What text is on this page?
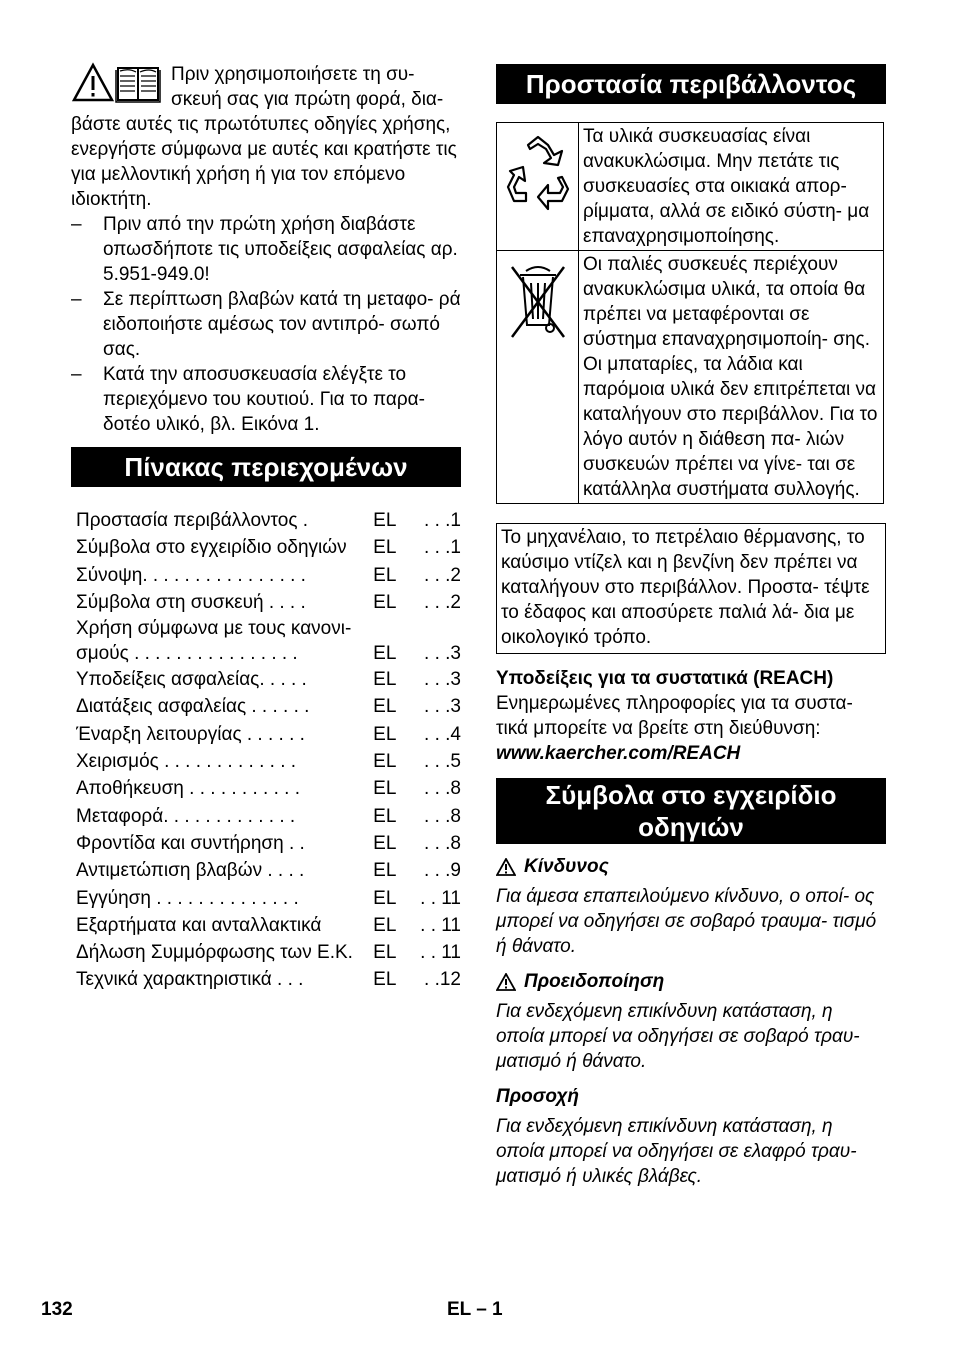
Πριν χρησιμοποιήσετε τη συ-

σκευή σας για πρώτη φορά, δια-

βάστε αυτές τις πρωτότυπες οδηγίες χρήσης, ενεργήστε σύμφωνα με αυτές και κρατήστε τις για μελλοντική χρήση ή για τον επόμενο ιδιοκτήτη.

– Πριν από την πρώτη χρήση διαβάστε οπωσδήποτε τις υποδείξεις ασφαλείας αρ. 5.951-949.0!
– Σε περίπτωση βλαβών κατά τη μεταφο- ρά ειδοποιήστε αμέσως τον αντιπρό- σωπό σας.
– Κατά την αποσυσκευασία ελέγξτε το περιεχόμενο του κουτιού. Για το παρα- δοτέο υλικό, βλ. Εικόνα 1.
Πίνακας περιεχομένων
Προστασία περιβάλλοντος .	EL	. . .1
Σύμβολα στο εγχειρίδιο οδηγιών	EL	. . .1
Σύνοψη. . . . . . . . . . . . . . . .	EL	. . .2
Σύμβολα στη συσκευή . . . .	EL	. . .2
Χρήση σύμφωνα με τους κανονι- σμούς . . . . . . . . . . . . . . . .	EL	. . .3
Υποδείξεις ασφαλείας. . . . .	EL	. . .3
Διατάξεις ασφαλείας . . . . . .	EL	. . .3
Έναρξη λειτουργίας . . . . . .	EL	. . .4
Χειρισμός . . . . . . . . . . . . .	EL	. . .5
Αποθήκευση . . . . . . . . . . .	EL	. . .8
Μεταφορά. . . . . . . . . . . . .	EL	. . .8
Φροντίδα και συντήρηση . .	EL	. . .8
Αντιμετώπιση βλαβών . . . .	EL	. . .9
Εγγύηση . . . . . . . . . . . . . .	EL	. . 11
Εξαρτήματα και ανταλλακτικά	EL	. . 11
Δήλωση Συμμόρφωσης των Ε.Κ.	EL	. . 11
Τεχνικά χαρακτηριστικά . . .	EL	. .12
Προστασία περιβάλλοντος
	Τα υλικά συσκευασίας είναι ανακυκλώσιμα. Μην πετάτε τις συσκευασίες στα οικιακά απορ- ρίμματα, αλλά σε ειδικό σύστη- μα επαναχρησιμοποίησης.
	Οι παλιές συσκευές περιέχουν ανακυκλώσιμα υλικά, τα οποία θα πρέπει να μεταφέρονται σε σύστημα επαναχρησιμοποίη- σης. Οι μπαταρίες, τα λάδια και παρόμοια υλικά δεν επιτρέπεται να καταλήγουν στο περιβάλλον. Για το λόγο αυτόν η διάθεση πα- λιών συσκευών πρέπει να γίνε- ται σε κατάλληλα συστήματα συλλογής.
Το μηχανέλαιο, το πετρέλαιο θέρμανσης, το καύσιμο ντίζελ και η βενζίνη δεν πρέπει να καταλήγουν στο περιβάλλον. Προστα- τέψτε το έδαφος και αποσύρετε παλιά λά- δια με οικολογικό τρόπο.

Υποδείξεις για τα συστατικά (REACH)

Ενημερωμένες πληροφορίες για τα συστα- τικά μπορείτε να βρείτε στη διεύθυνση:

www.kaercher.com/REACH

Σύμβολα στο εγχειρίδιο
οδηγιών
Κίνδυνος

Για άμεσα επαπειλούμενο κίνδυνο, ο οποί- ος μπορεί να οδηγήσει σε σοβαρό τραυμα- τισμό ή θάνατο.

Προειδοποίηση

Για ενδεχόμενη επικίνδυνη κατάσταση, η οποία μπορεί να οδηγήσει σε σοβαρό τραυ- ματισμό ή θάνατο.

Προσοχή

Για ενδεχόμενη επικίνδυνη κατάσταση, η οποία μπορεί να οδηγήσει σε ελαφρό τραυ- ματισμό ή υλικές βλάβες.

132	EL – 1
